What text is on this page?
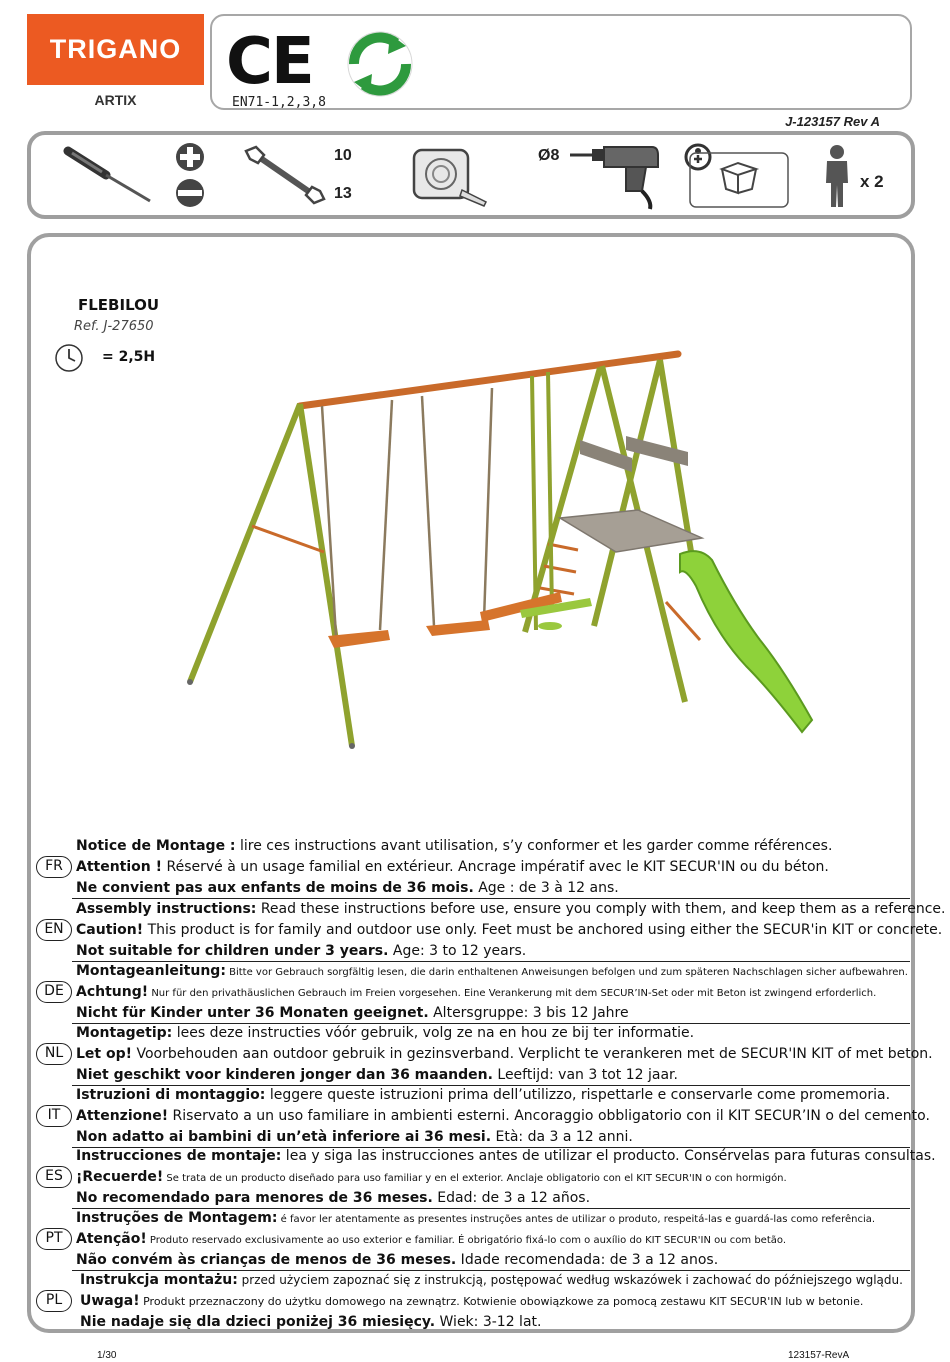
TRIGANO
ARTIX
CE
EN71-1,2,3,8
J-123157 Rev A
10
13
Ø8
x 2
FLEBILOU
Ref. J-27650
= 2,5H
FR
Notice de Montage : lire ces instructions avant utilisation, s’y conformer et les garder comme références.
Attention ! Réservé à un usage familial en extérieur. Ancrage impératif avec le KIT SECUR'IN ou du béton.
Ne convient pas aux enfants de moins de 36 mois. Age : de 3 à 12 ans.
EN
Assembly instructions: Read these instructions before use, ensure you comply with them, and keep them as a reference.
Caution! This product is for family and outdoor use only. Feet must be anchored using either the SECUR'in KIT or concrete.
Not suitable for children under 3 years. Age: 3 to 12 years.
DE
Montageanleitung: Bitte vor Gebrauch sorgfältig lesen, die darin enthaltenen Anweisungen befolgen und zum späteren Nachschlagen sicher aufbewahren.
Achtung! Nur für den privathäuslichen Gebrauch im Freien vorgesehen. Eine Verankerung mit dem SECUR’IN-Set oder mit Beton ist zwingend erforderlich.
Nicht für Kinder unter 36 Monaten geeignet. Altersgruppe: 3 bis 12 Jahre
NL
Montagetip: lees deze instructies vóór gebruik, volg ze na en hou ze bij ter informatie.
Let op! Voorbehouden aan outdoor gebruik in gezinsverband. Verplicht te verankeren met de SECUR'IN KIT of met beton.
Niet geschikt voor kinderen jonger dan 36 maanden. Leeftijd: van 3 tot 12 jaar.
IT
Istruzioni di montaggio: leggere queste istruzioni prima dell’utilizzo, rispettarle e conservarle come promemoria.
Attenzione! Riservato a un uso familiare in ambienti esterni. Ancoraggio obbligatorio con il KIT SECUR’IN o del cemento.
Non adatto ai bambini di un’età inferiore ai 36 mesi. Età: da 3 a 12 anni.
ES
Instrucciones de montaje: lea y siga las instrucciones antes de utilizar el producto. Consérvelas para futuras consultas.
¡Recuerde! Se trata de un producto diseñado para uso familiar y en el exterior. Anclaje obligatorio con el KIT SECUR'IN o con hormigón.
No recomendado para menores de 36 meses. Edad: de 3 a 12 años.
PT
Instruções de Montagem: é favor ler atentamente as presentes instruções antes de utilizar o produto, respeitá-las e guardá-las como referência.
Atenção! Produto reservado exclusivamente ao uso exterior e familiar. É obrigatório fixá-lo com o auxílio do KIT SECUR'IN ou com betão.
Não convém às crianças de menos de 36 meses. Idade recomendada: de 3 a 12 anos.
PL
Instrukcja montażu: przed użyciem zapoznać się z instrukcją, postępować według wskazówek i zachować do późniejszego wglądu.
Uwaga! Produkt przeznaczony do użytku domowego na zewnątrz. Kotwienie obowiązkowe za pomocą zestawu KIT SECUR'IN lub w betonie.
Nie nadaje się dla dzieci poniżej 36 miesięcy. Wiek: 3-12 lat.
1/30	123157-RevA
